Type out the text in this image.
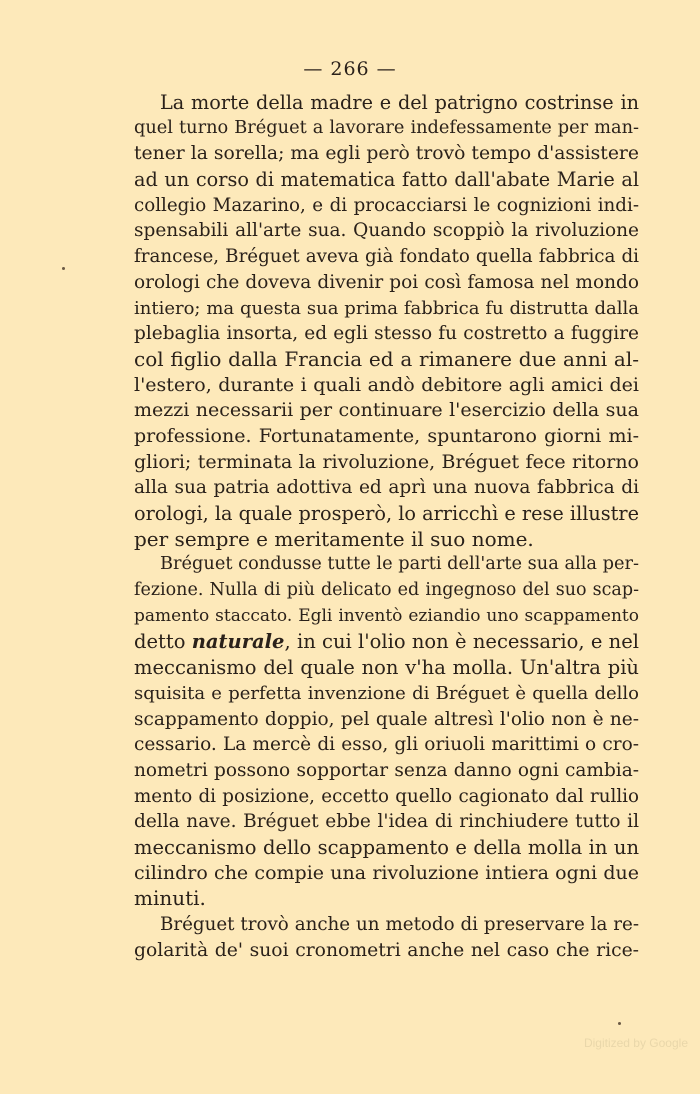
— 266 —
La morte della madre e del patrigno costrinse in
quel turno Bréguet a lavorare indefessamente per man-
tener la sorella; ma egli però trovò tempo d'assistere
ad un corso di matematica fatto dall'abate Marie al
collegio Mazarino, e di procacciarsi le cognizioni indi-
spensabili all'arte sua. Quando scoppiò la rivoluzione
francese, Bréguet aveva già fondato quella fabbrica di
orologi che doveva divenir poi così famosa nel mondo
intiero; ma questa sua prima fabbrica fu distrutta dalla
plebaglia insorta, ed egli stesso fu costretto a fuggire
col figlio dalla Francia ed a rimanere due anni al-
l'estero, durante i quali andò debitore agli amici dei
mezzi necessarii per continuare l'esercizio della sua
professione. Fortunatamente, spuntarono giorni mi-
gliori; terminata la rivoluzione, Bréguet fece ritorno
alla sua patria adottiva ed aprì una nuova fabbrica di
orologi, la quale prosperò, lo arricchì e rese illustre
per sempre e meritamente il suo nome.
Bréguet condusse tutte le parti dell'arte sua alla per-
fezione. Nulla di più delicato ed ingegnoso del suo scap-
pamento staccato. Egli inventò eziandio uno scappamento
detto naturale, in cui l'olio non è necessario, e nel
meccanismo del quale non v'ha molla. Un'altra più
squisita e perfetta invenzione di Bréguet è quella dello
scappamento doppio, pel quale altresì l'olio non è ne-
cessario. La mercè di esso, gli oriuoli marittimi o cro-
nometri possono sopportar senza danno ogni cambia-
mento di posizione, eccetto quello cagionato dal rullio
della nave. Bréguet ebbe l'idea di rinchiudere tutto il
meccanismo dello scappamento e della molla in un
cilindro che compie una rivoluzione intiera ogni due
minuti.
Bréguet trovò anche un metodo di preservare la re-
golarità de' suoi cronometri anche nel caso che rice-
Digitized by Google
